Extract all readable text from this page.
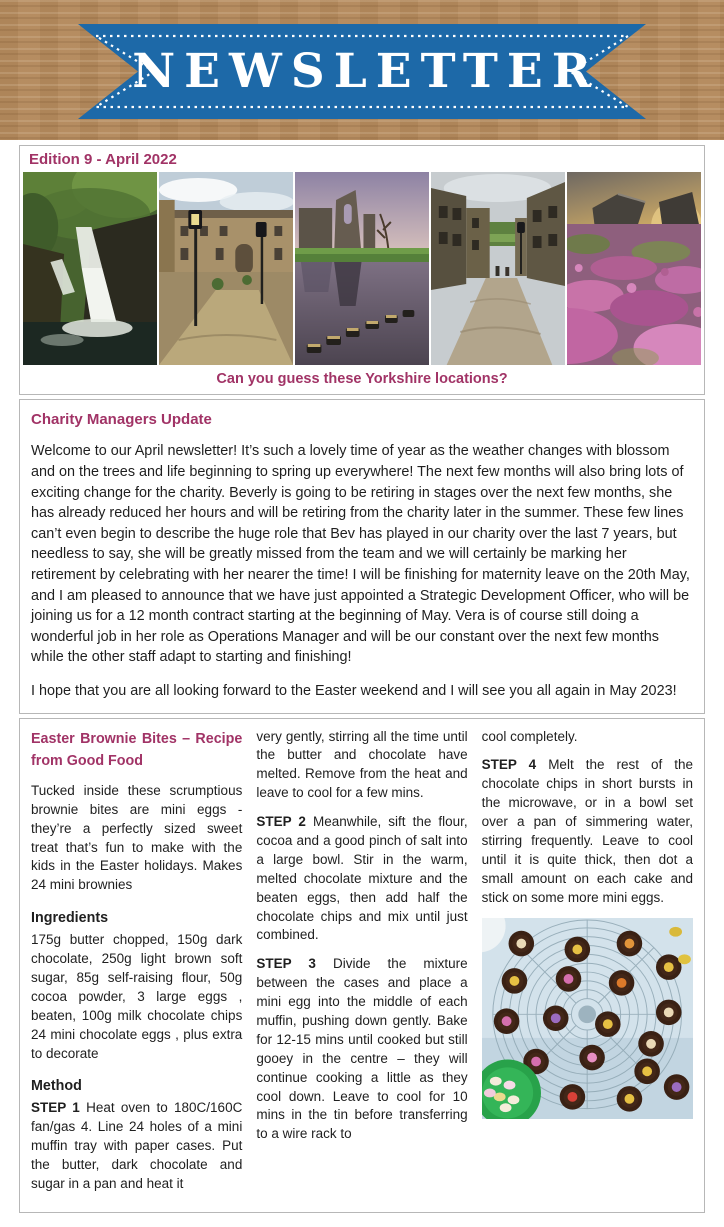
NEWSLETTER
Edition 9 - April 2022
Can you guess these Yorkshire locations?
Charity Managers Update

Welcome to our April newsletter! It’s such a lovely time of year as the weather changes with blossom and on the trees and life beginning to spring up everywhere! The next few months will also bring lots of exciting change for the charity. Beverly is going to be retiring in stages over the next few months, she has already reduced her hours and will be retiring from the charity later in the summer. These few lines can’t even begin to describe the huge role that Bev has played in our charity over the last 7 years, but needless to say, she will be greatly missed from the team and we will certainly be marking her retirement by celebrating with her nearer the time! I will be finishing for maternity leave on the 20th May, and I am pleased to announce that we have just appointed a Strategic Development Officer, who will be joining us for a 12 month contract starting at the beginning of May. Vera is of course still doing a wonderful job in her role as Operations Manager and will be our constant over the next few months while the other staff adapt to starting and finishing!

I hope that you are all looking forward to the Easter weekend and I will see you all again in May 2023!

Easter Brownie Bites – Recipe from Good Food

Tucked inside these scrumptious brownie bites are mini eggs - they’re a perfectly sized sweet treat that’s fun to make with the kids in the Easter holidays. Makes 24 mini brownies

Ingredients

175g butter chopped, 150g dark chocolate, 250g light brown soft sugar, 85g self-raising flour, 50g cocoa powder, 3 large eggs , beaten, 100g milk chocolate chips 24 mini chocolate eggs , plus extra to decorate

Method

STEP 1 Heat oven to 180C/160C fan/gas 4. Line 24 holes of a mini muffin tray with paper cases. Put the butter, dark chocolate and sugar in a pan and heat it

very gently, stirring all the time until the butter and chocolate have melted. Remove from the heat and leave to cool for a few mins.

STEP 2 Meanwhile, sift the flour, cocoa and a good pinch of salt into a large bowl. Stir in the warm, melted chocolate mixture and the beaten eggs, then add half the chocolate chips and mix until just combined.

STEP 3 Divide the mixture between the cases and place a mini egg into the middle of each muffin, pushing down gently. Bake for 12-15 mins until cooked but still gooey in the centre – they will continue cooking a little as they cool down. Leave to cool for 10 mins in the tin before transferring to a wire rack to

cool completely.

STEP 4 Melt the rest of the chocolate chips in short bursts in the microwave, or in a bowl set over a pan of simmering water, stirring frequently. Leave to cool until it is quite thick, then dot a small amount on each cake and stick on some more mini eggs.
